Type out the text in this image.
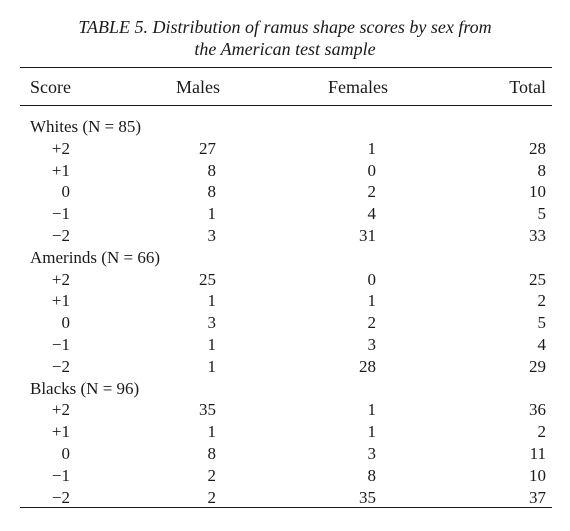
TABLE 5. Distribution of ramus shape scores by sex from
the American test sample
Score	Males	Females	Total
Whites (N = 85)
+2	27	1	28
+1	8	0	8
0	8	2	10
−1	1	4	5
−2	3	31	33
Amerinds (N = 66)
+2	25	0	25
+1	1	1	2
0	3	2	5
−1	1	3	4
−2	1	28	29
Blacks (N = 96)
+2	35	1	36
+1	1	1	2
0	8	3	11
−1	2	8	10
−2	2	35	37
